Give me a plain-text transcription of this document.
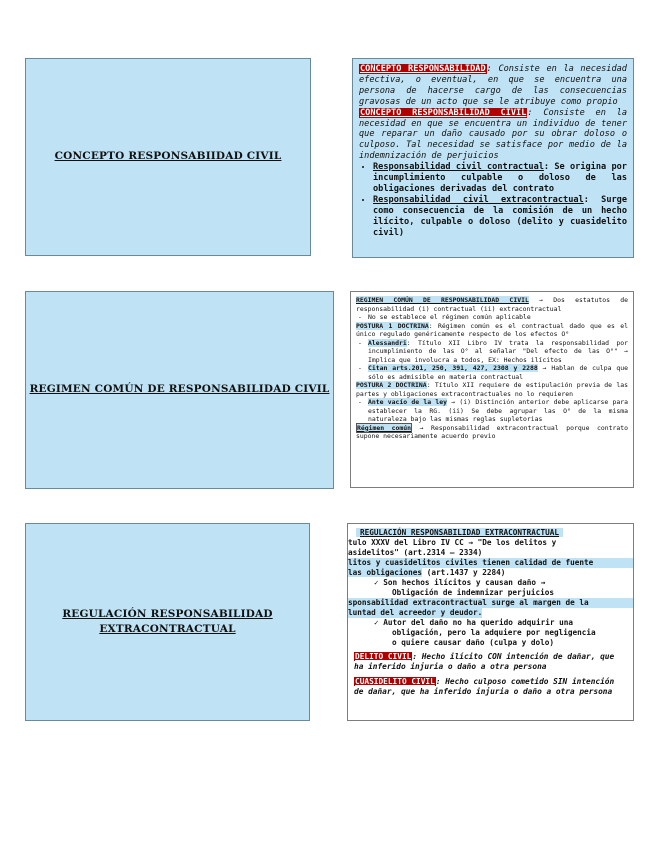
CONCEPTO RESPONSABIIDAD CIVIL

CONCEPTO RESPONSABILIDAD: Consiste en la necesidad efectiva, o eventual, en que se encuentra una persona de hacerse cargo de las consecuencias gravosas de un acto que se le atribuye como propio

CONCEPTO RESPONSABILIDAD CIVIL: Consiste en la necesidad en que se encuentra un individuo de tener que reparar un daño causado por su obrar doloso o culposo. Tal necesidad se satisface por medio de la indemnización de perjuicios

• Responsabilidad civil contractual: Se origina por incumplimiento culpable o doloso de las obligaciones derivadas del contrato
• Responsabilidad civil extracontractual: Surge como consecuencia de la comisión de un hecho ilícito, culpable o doloso (delito y cuasidelito civil)
REGIMEN COMÚN DE RESPONSABILIDAD CIVIL

REGIMEN COMÚN DE RESPONSABILIDAD CIVIL → Dos estatutos de responsabilidad (i) contractual (ii) extracontractual

- No se establece el régimen común aplicable

POSTURA 1 DOCTRINA: Régimen común es el contractual dado que es el único regulado genéricamente respecto de los efectos O°

- Alessandri: Título XII Libro IV trata la responsabilidad por incumplimiento de las O° al señalar "Del efecto de las O°" → Implica que involucra a todos, EX: Hechos ilícitos
- Citan arts.201, 250, 391, 427, 2308 y 2288 → Hablan de culpa que sólo es admisible en materia contractual

POSTURA 2 DOCTRINA: Título XII requiere de estipulación previa de las partes y obligaciones extracontractuales no lo requieren

- Ante vacío de la ley → (i) Distinción anterior debe aplicarse para establecer la RG. (ii) Se debe agrupar las O° de la misma naturaleza bajo las mismas reglas supletorias

Régimen común → Responsabilidad extracontractual porque contrato supone necesariamente acuerdo previo

REGULACIÓN RESPONSABILIDAD
EXTRACONTRACTUAL
REGULACIÓN RESPONSABILIDAD EXTRACONTRACTUAL
tulo XXXV del Libro IV CC → "De los delitos y
asidelitos" (art.2314 – 2334)
litos y cuasidelitos civiles tienen calidad de fuente
las obligaciones (art.1437 y 2284)
✓ Son hechos ilícitos y causan daño →
Obligación de indemnizar perjuicios
sponsabilidad extracontractual surge al margen de la
luntad del acreedor y deudor.
✓ Autor del daño no ha querido adquirir una
obligación, pero la adquiere por negligencia
o quiere causar daño (culpa y dolo)

DELITO CIVIL: Hecho ilícito CON intención de dañar, que ha inferido injuria o daño a otra persona

CUASIDELITO CIVIL: Hecho culposo cometido SIN intención de dañar, que ha inferido injuria o daño a otra persona
